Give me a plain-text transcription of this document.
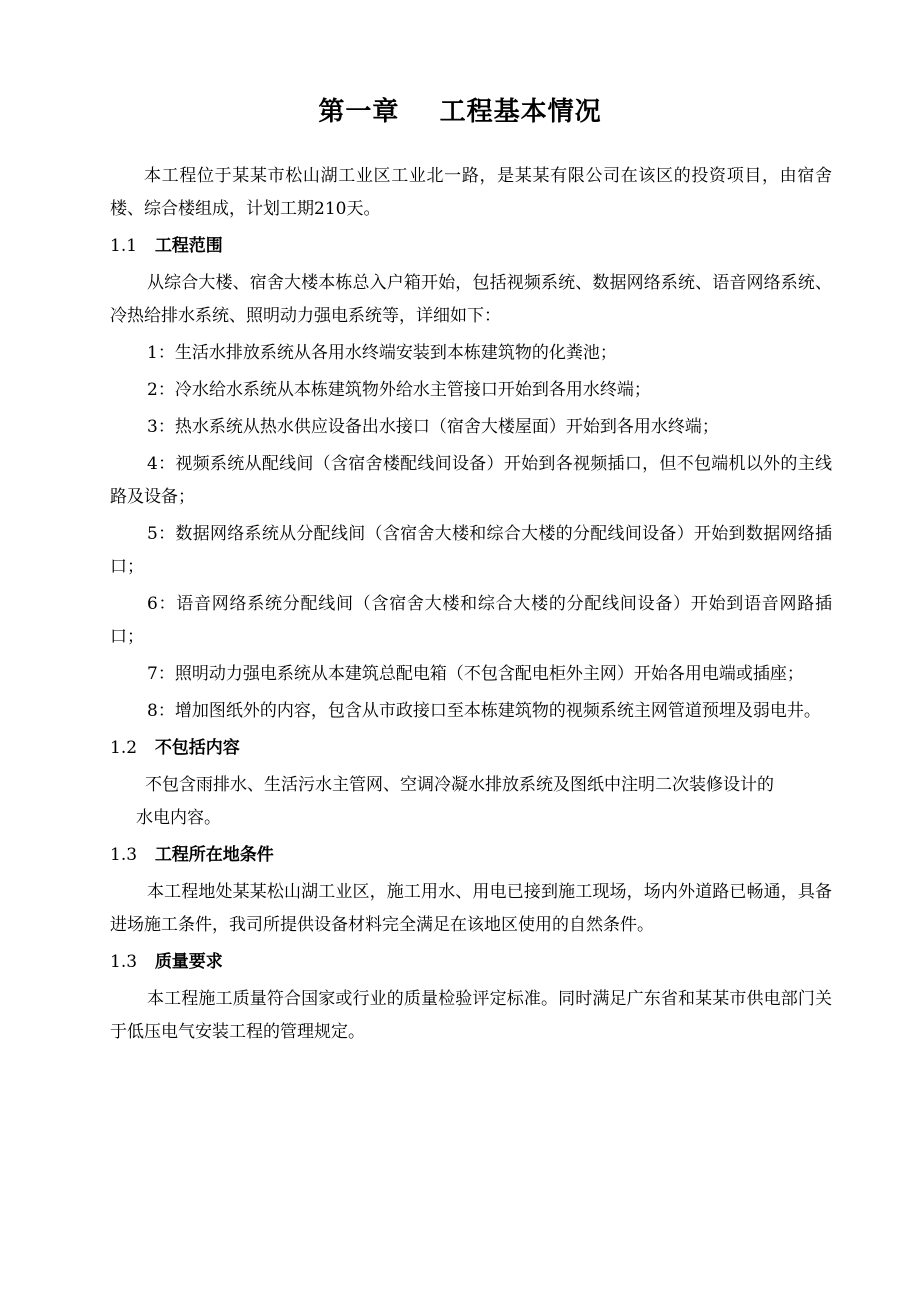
第一章    工程基本情况

本工程位于某某市松山湖工业区工业北一路，是某某有限公司在该区的投资项目，由宿舍楼、综合楼组成，计划工期210天。

1.1 工程范围

从综合大楼、宿舍大楼本栋总入户箱开始，包括视频系统、数据网络系统、语音网络系统、冷热给排水系统、照明动力强电系统等，详细如下：

1：生活水排放系统从各用水终端安装到本栋建筑物的化粪池；

2：冷水给水系统从本栋建筑物外给水主管接口开始到各用水终端；

3：热水系统从热水供应设备出水接口（宿舍大楼屋面）开始到各用水终端；

4：视频系统从配线间（含宿舍楼配线间设备）开始到各视频插口，但不包端机以外的主线路及设备；

5：数据网络系统从分配线间（含宿舍大楼和综合大楼的分配线间设备）开始到数据网络插口；

6：语音网络系统分配线间（含宿舍大楼和综合大楼的分配线间设备）开始到语音网路插口；

7：照明动力强电系统从本建筑总配电箱（不包含配电柜外主网）开始各用电端或插座；

8：增加图纸外的内容，包含从市政接口至本栋建筑物的视频系统主网管道预埋及弱电井。

1.2 不包括内容

不包含雨排水、生活污水主管网、空调冷凝水排放系统及图纸中注明二次装修设计的
水电内容。

1.3 工程所在地条件

本工程地处某某松山湖工业区，施工用水、用电已接到施工现场，场内外道路已畅通，具备进场施工条件，我司所提供设备材料完全满足在该地区使用的自然条件。

1.3 质量要求

本工程施工质量符合国家或行业的质量检验评定标准。同时满足广东省和某某市供电部门关于低压电气安装工程的管理规定。
